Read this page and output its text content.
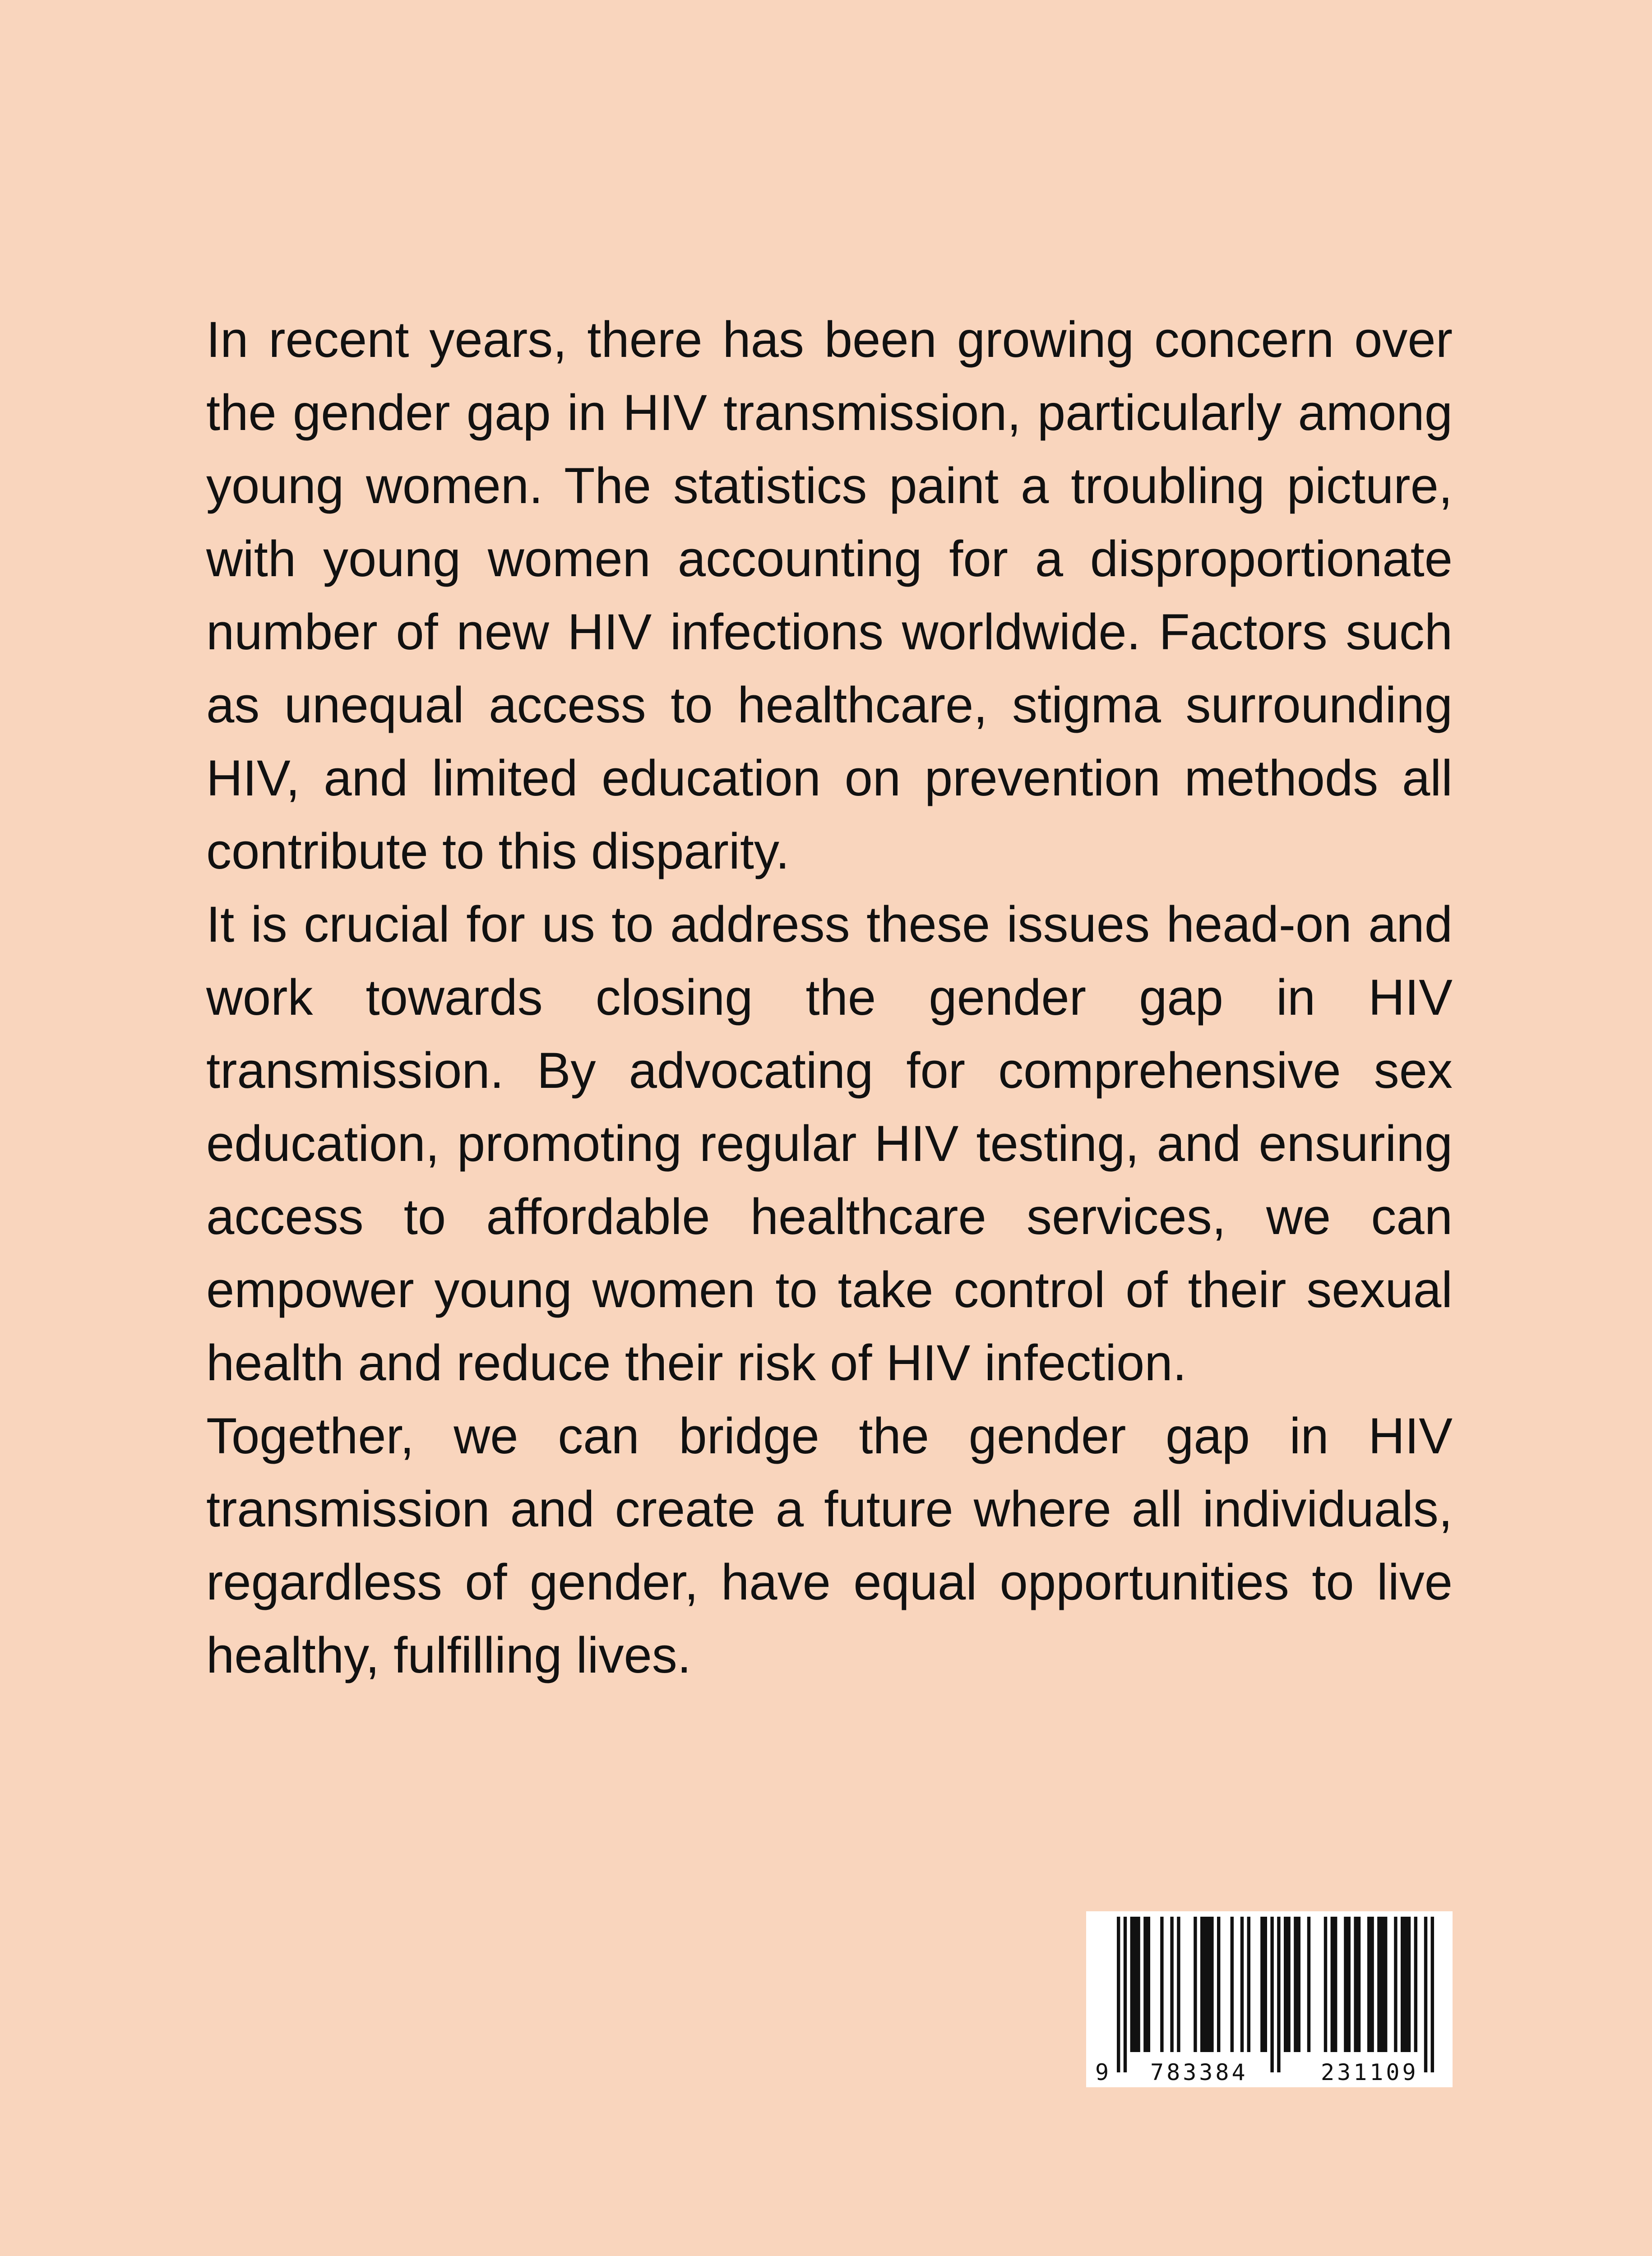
In recent years, there has been growing concern over the gender gap in HIV transmission, particularly among young women. The statistics paint a troubling picture, with young women accounting for a disproportionate number of new HIV infections worldwide. Factors such as unequal access to healthcare, stigma surrounding HIV, and limited education on prevention methods all contribute to this disparity.

It is crucial for us to address these issues head-on and work towards closing the gender gap in HIV transmission. By advocating for comprehensive sex education, promoting regular HIV testing, and ensuring access to affordable healthcare services, we can empower young women to take control of their sexual health and reduce their risk of HIV infection.

Together, we can bridge the gender gap in HIV transmission and create a future where all individuals, regardless of gender, have equal opportunities to live healthy, fulfilling lives.

9 783384	231109
